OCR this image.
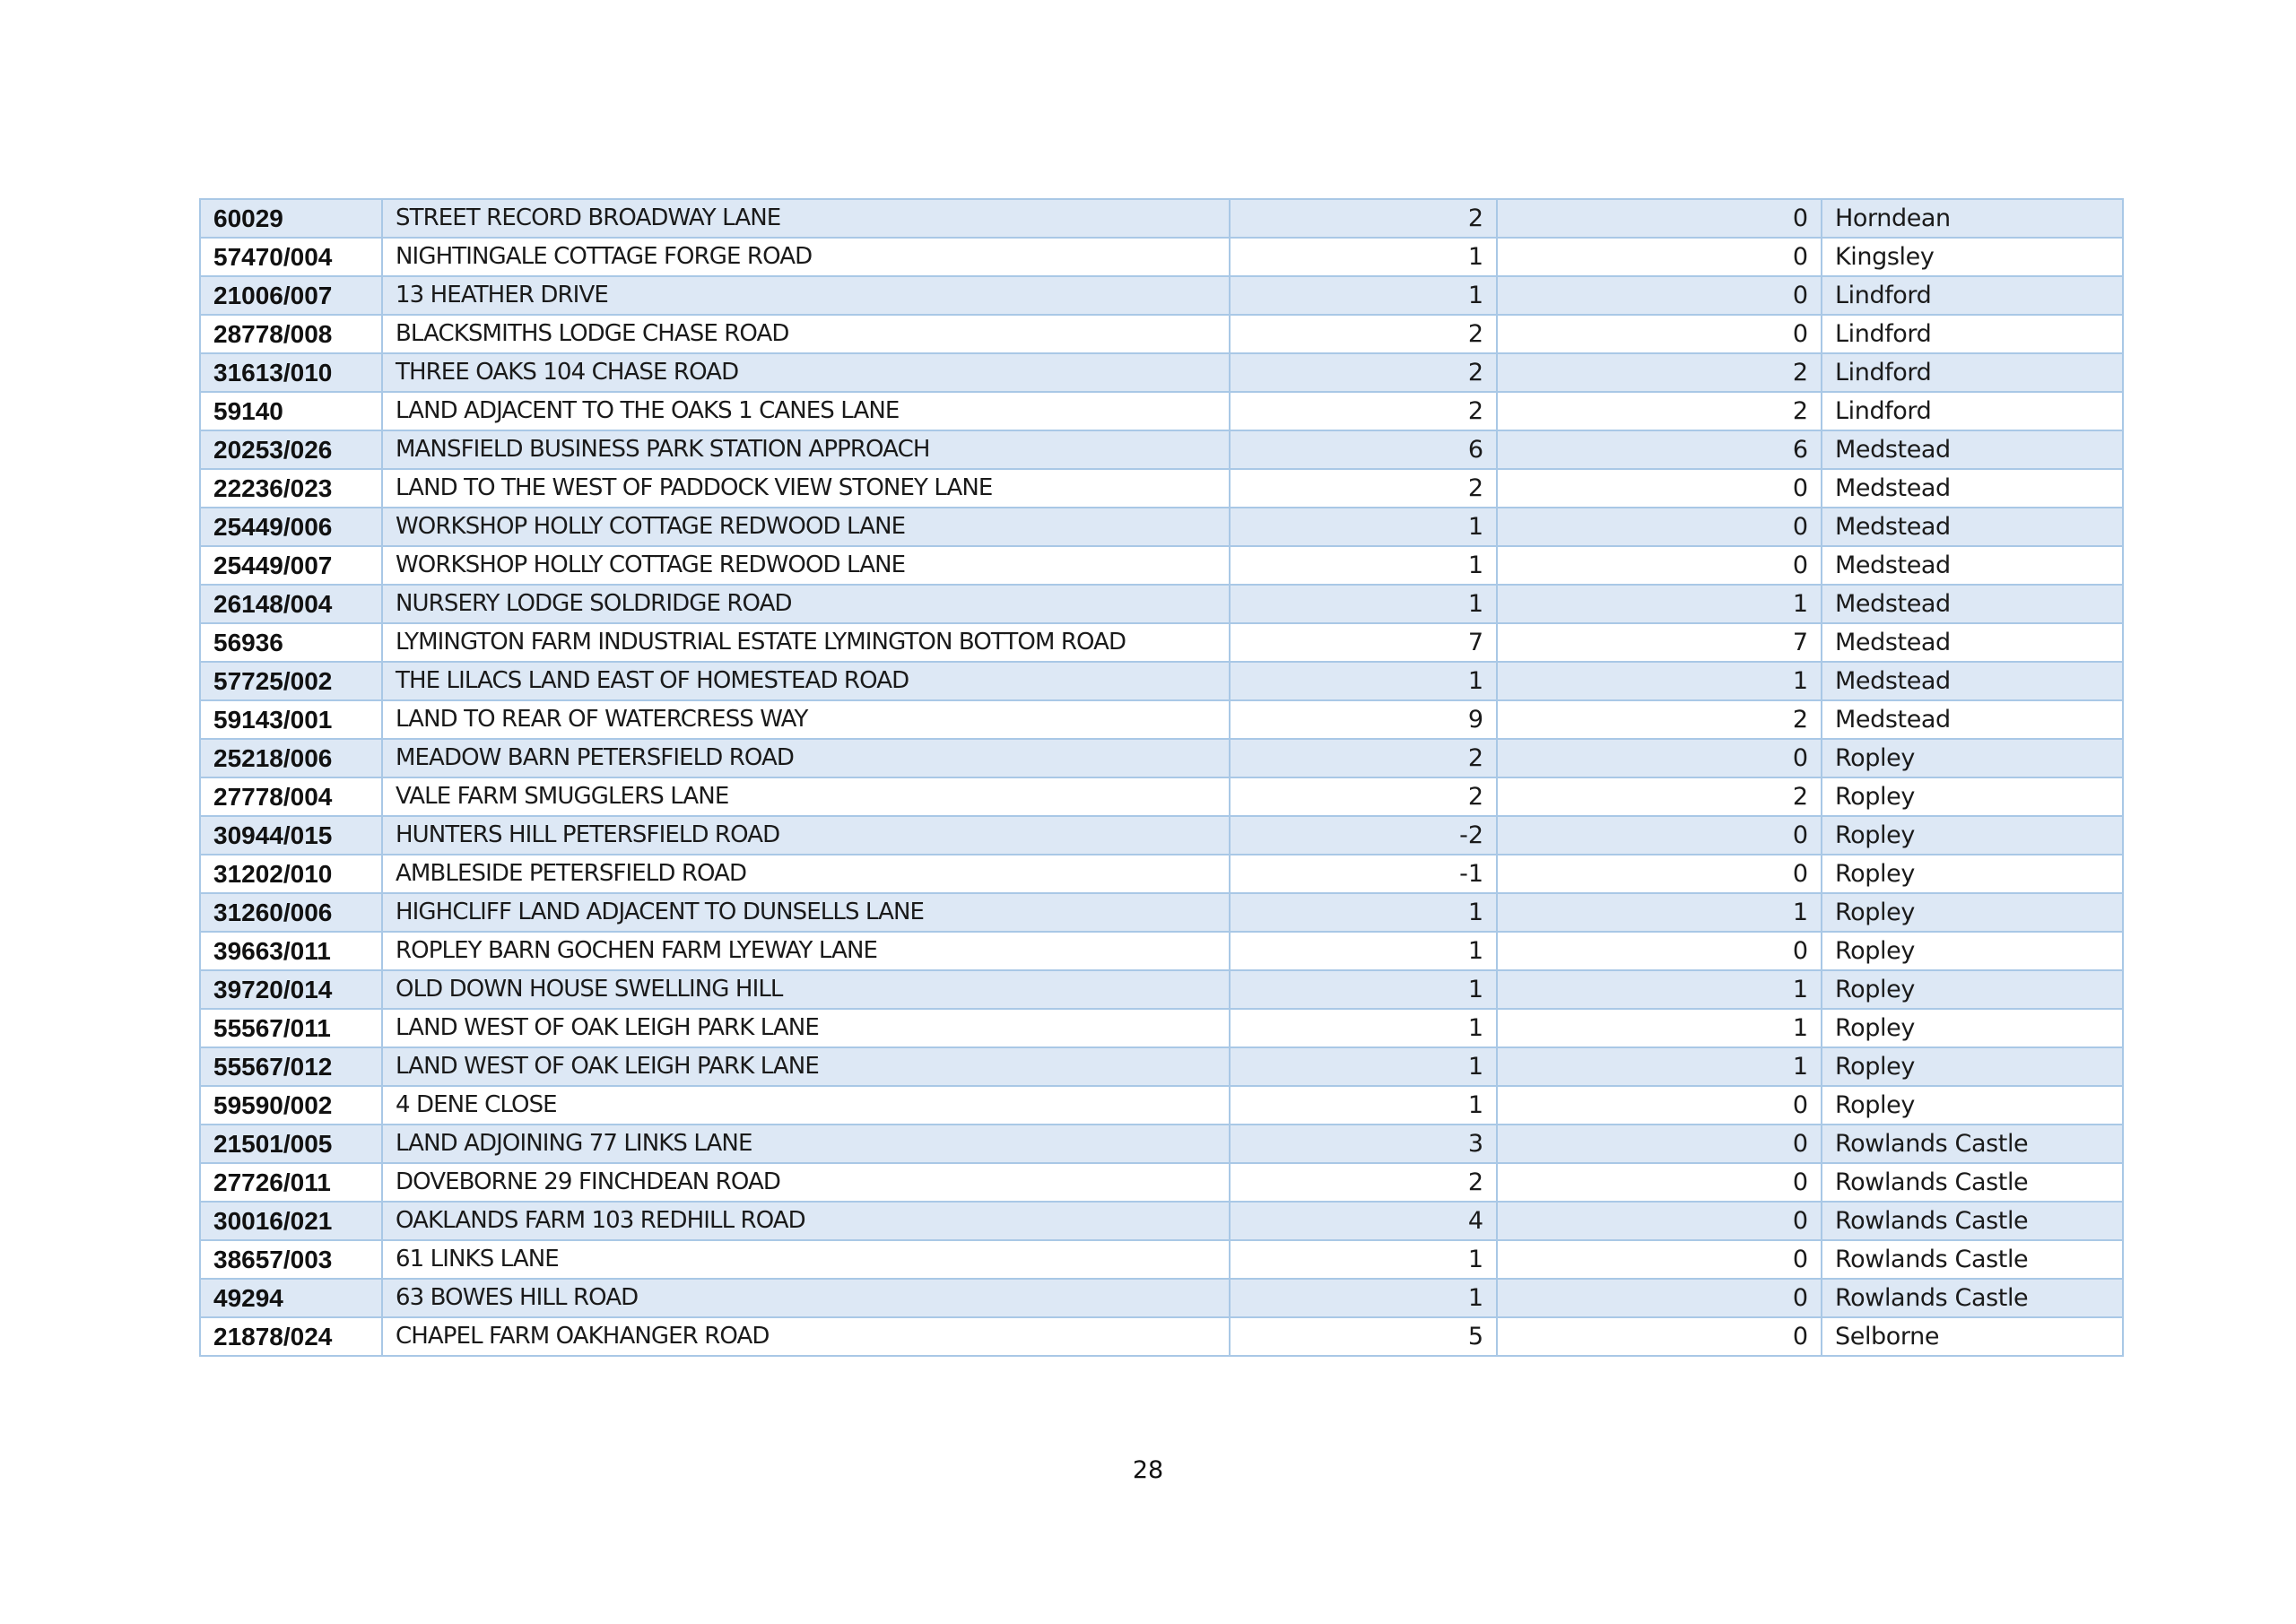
60029	STREET RECORD BROADWAY LANE	2	0	Horndean
57470/004	NIGHTINGALE COTTAGE FORGE ROAD	1	0	Kingsley
21006/007	13 HEATHER DRIVE	1	0	Lindford
28778/008	BLACKSMITHS LODGE CHASE ROAD	2	0	Lindford
31613/010	THREE OAKS 104 CHASE ROAD	2	2	Lindford
59140	LAND ADJACENT TO THE OAKS 1 CANES LANE	2	2	Lindford
20253/026	MANSFIELD BUSINESS PARK STATION APPROACH	6	6	Medstead
22236/023	LAND TO THE WEST OF PADDOCK VIEW STONEY LANE	2	0	Medstead
25449/006	WORKSHOP HOLLY COTTAGE REDWOOD LANE	1	0	Medstead
25449/007	WORKSHOP HOLLY COTTAGE REDWOOD LANE	1	0	Medstead
26148/004	NURSERY LODGE SOLDRIDGE ROAD	1	1	Medstead
56936	LYMINGTON FARM INDUSTRIAL ESTATE LYMINGTON BOTTOM ROAD	7	7	Medstead
57725/002	THE LILACS LAND EAST OF HOMESTEAD ROAD	1	1	Medstead
59143/001	LAND TO REAR OF WATERCRESS WAY	9	2	Medstead
25218/006	MEADOW BARN PETERSFIELD ROAD	2	0	Ropley
27778/004	VALE FARM SMUGGLERS LANE	2	2	Ropley
30944/015	HUNTERS HILL PETERSFIELD ROAD	-2	0	Ropley
31202/010	AMBLESIDE PETERSFIELD ROAD	-1	0	Ropley
31260/006	HIGHCLIFF LAND ADJACENT TO DUNSELLS LANE	1	1	Ropley
39663/011	ROPLEY BARN GOCHEN FARM LYEWAY LANE	1	0	Ropley
39720/014	OLD DOWN HOUSE SWELLING HILL	1	1	Ropley
55567/011	LAND WEST OF OAK LEIGH PARK LANE	1	1	Ropley
55567/012	LAND WEST OF OAK LEIGH PARK LANE	1	1	Ropley
59590/002	4 DENE CLOSE	1	0	Ropley
21501/005	LAND ADJOINING 77 LINKS LANE	3	0	Rowlands Castle
27726/011	DOVEBORNE 29 FINCHDEAN ROAD	2	0	Rowlands Castle
30016/021	OAKLANDS FARM 103 REDHILL ROAD	4	0	Rowlands Castle
38657/003	61 LINKS LANE	1	0	Rowlands Castle
49294	63 BOWES HILL ROAD	1	0	Rowlands Castle
21878/024	CHAPEL FARM OAKHANGER ROAD	5	0	Selborne
28
